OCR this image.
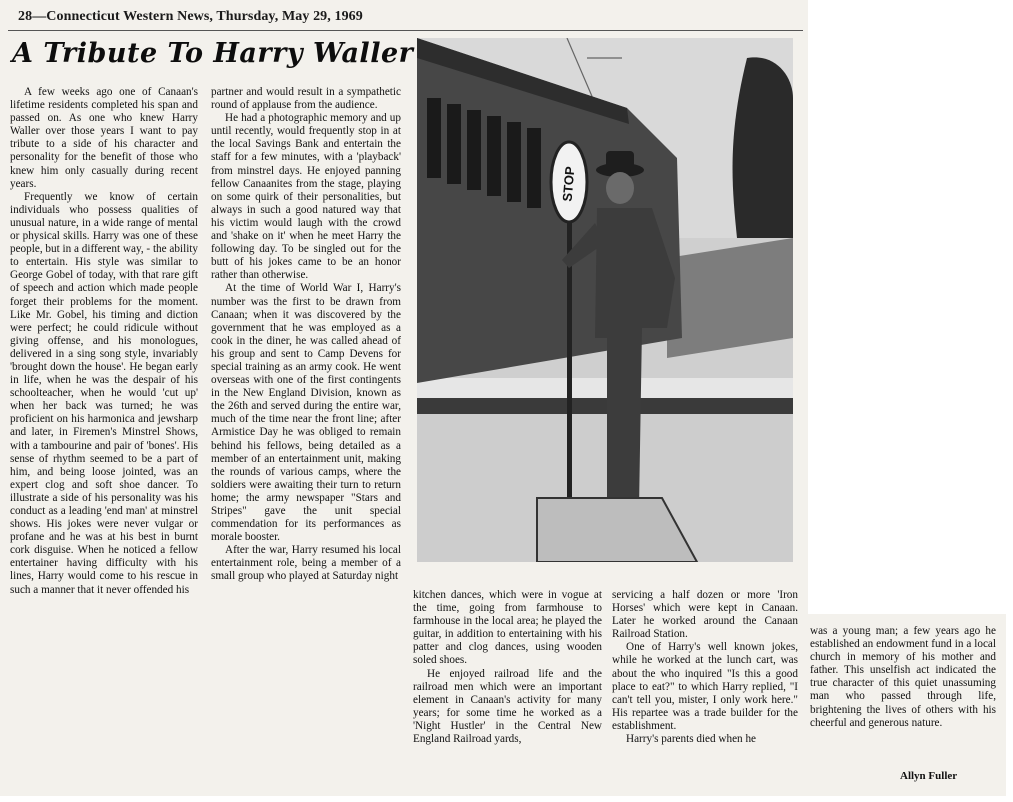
28—Connecticut Western News, Thursday, May 29, 1969
A Tribute To Harry Waller

A few weeks ago one of Canaan's lifetime residents completed his span and passed on. As one who knew Harry Waller over those years I want to pay tribute to a side of his character and personality for the benefit of those who knew him only casually during recent years.

Frequently we know of certain individuals who possess qualities of unusual nature, in a wide range of mental or physical skills. Harry was one of these people, but in a different way, - the ability to entertain. His style was similar to George Gobel of today, with that rare gift of speech and action which made people forget their problems for the moment. Like Mr. Gobel, his timing and diction were perfect; he could ridicule without giving offense, and his monologues, delivered in a sing song style, invariably 'brought down the house'. He began early in life, when he was the despair of his schoolteacher, when he would 'cut up' when her back was turned; he was proficient on his harmonica and jewsharp and later, in Firemen's Minstrel Shows, with a tambourine and pair of 'bones'. His sense of rhythm seemed to be a part of him, and being loose jointed, was an expert clog and soft shoe dancer. To illustrate a side of his personality was his conduct as a leading 'end man' at minstrel shows. His jokes were never vulgar or profane and he was at his best in burnt cork disguise. When he noticed a fellow entertainer having difficulty with his lines, Harry would come to his rescue in such a manner that it never offended his

partner and would result in a sympathetic round of applause from the audience.

He had a photographic memory and up until recently, would frequently stop in at the local Savings Bank and entertain the staff for a few minutes, with a 'playback' from minstrel days. He enjoyed panning fellow Canaanites from the stage, playing on some quirk of their personalities, but always in such a good natured way that his victim would laugh with the crowd and 'shake on it' when he meet Harry the following day. To be singled out for the butt of his jokes came to be an honor rather than otherwise.

At the time of World War I, Harry's number was the first to be drawn from Canaan; when it was discovered by the government that he was employed as a cook in the diner, he was called ahead of his group and sent to Camp Devens for special training as an army cook. He went overseas with one of the first contingents in the New England Division, known as the 26th and served during the entire war, much of the time near the front line; after Armistice Day he was obliged to remain behind his fellows, being detailed as a member of an entertainment unit, making the rounds of various camps, where the soldiers were awaiting their turn to return home; the army newspaper "Stars and Stripes" gave the unit special commendation for its performances as morale booster.

After the war, Harry resumed his local entertainment role, being a member of a small group who played at Saturday night

STOP

kitchen dances, which were in vogue at the time, going from farmhouse to farmhouse in the local area; he played the guitar, in addition to entertaining with his patter and clog dances, using wooden soled shoes.

He enjoyed railroad life and the railroad men which were an important element in Canaan's activity for many years; for some time he worked as a 'Night Hustler' in the Central New England Railroad yards,

servicing a half dozen or more 'Iron Horses' which were kept in Canaan. Later he worked around the Canaan Railroad Station.

One of Harry's well known jokes, while he worked at the lunch cart, was about the who inquired "Is this a good place to eat?" to which Harry replied, "I can't tell you, mister, I only work here." His repartee was a trade builder for the establishment.

Harry's parents died when he

was a young man; a few years ago he established an endowment fund in a local church in memory of his mother and father. This unselfish act indicated the true character of this quiet unassuming man who passed through life, brightening the lives of others with his cheerful and generous nature.

Allyn Fuller
